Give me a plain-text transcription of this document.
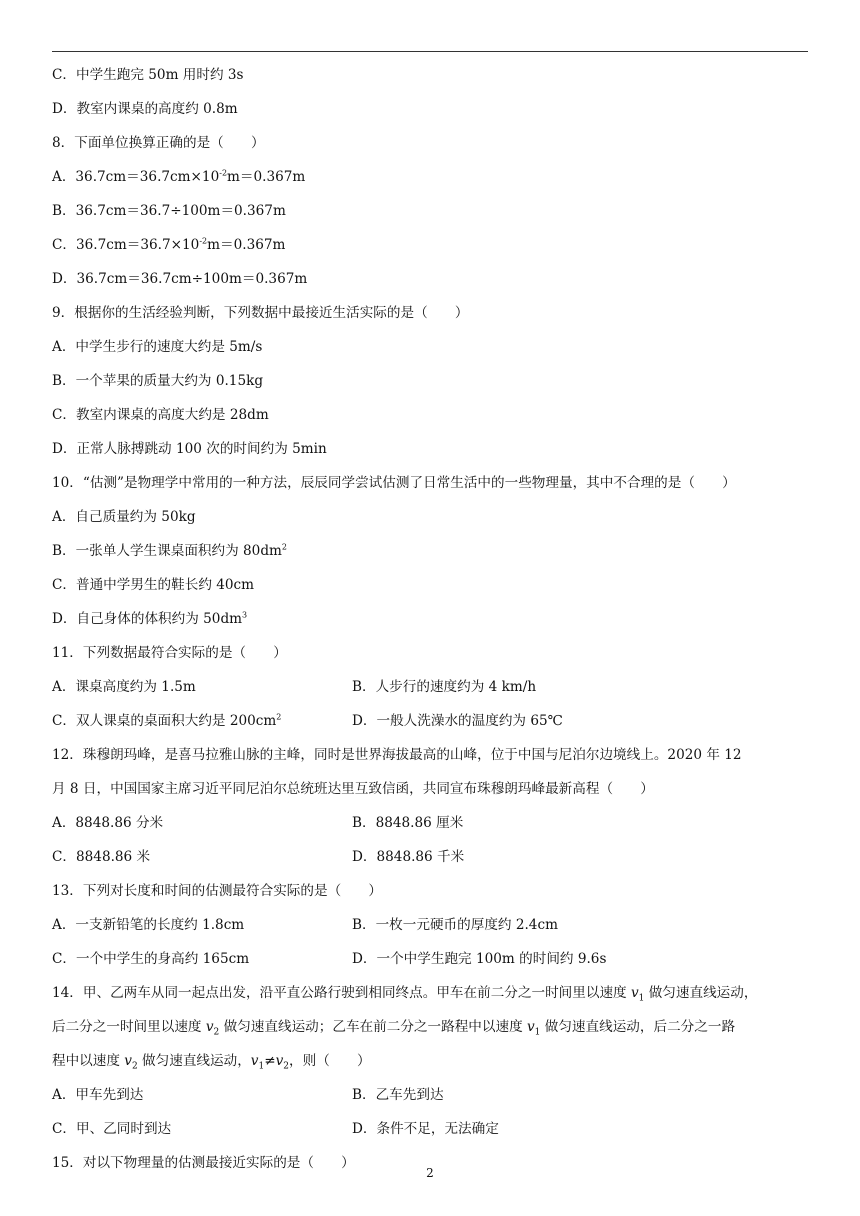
C．中学生跑完 50m 用时约 3s
D．教室内课桌的高度约 0.8m
8．下面单位换算正确的是（　　）
A．$36.7cm=36.7cm\times 10^{-2}m=0.367m$
B．36.7cm＝36.7÷100m＝0.367m
C．$36.7cm=36.7\times 10^{-2}m=0.367m$
D．36.7cm＝36.7cm÷100m＝0.367m
9．根据你的生活经验判断，下列数据中最接近生活实际的是（　　）
A．中学生步行的速度大约是 5m/s
B．一个苹果的质量大约为 0.15kg
C．教室内课桌的高度大约是 28dm
D．正常人脉搏跳动 100 次的时间约为 5min
10．“估测”是物理学中常用的一种方法，辰辰同学尝试估测了日常生活中的一些物理量，其中不合理的是（　　）
A．自己质量约为 50kg
B．一张单人学生课桌面积约为 $80dm^2$
C．普通中学男生的鞋长约 40cm
D．自己身体的体积约为 $50dm^3$
11．下列数据最符合实际的是（　　）
A．课桌高度约为 1.5m	B．人步行的速度约为 4 km/h
C．双人课桌的桌面积大约是 $200cm^2$	D．一般人洗澡水的温度约为 65℃
12．珠穆朗玛峰，是喜马拉雅山脉的主峰，同时是世界海拔最高的山峰，位于中国与尼泊尔边境线上。2020 年 12
月 8 日，中国国家主席习近平同尼泊尔总统班达里互致信函，共同宣布珠穆朗玛峰最新高程（　　）
A．8848.86 分米	B．8848.86 厘米
C．8848.86 米	D．8848.86 千米
13．下列对长度和时间的估测最符合实际的是（　　）
A．一支新铅笔的长度约 1.8cm	B．一枚一元硬币的厚度约 2.4cm
C．一个中学生的身高约 165cm	D．一个中学生跑完 100m 的时间约 9.6s
14．甲、乙两车从同一起点出发，沿平直公路行驶到相同终点。甲车在前二分之一时间里以速度 $v_1$ 做匀速直线运动，
后二分之一时间里以速度 $v_2$ 做匀速直线运动；乙车在前二分之一路程中以速度 $v_1$ 做匀速直线运动，后二分之一路
程中以速度 $v_2$ 做匀速直线运动，$v_1\ne v_2$，则（　　）
A．甲车先到达	B．乙车先到达
C．甲、乙同时到达	D．条件不足，无法确定
15．对以下物理量的估测最接近实际的是（　　）
2
